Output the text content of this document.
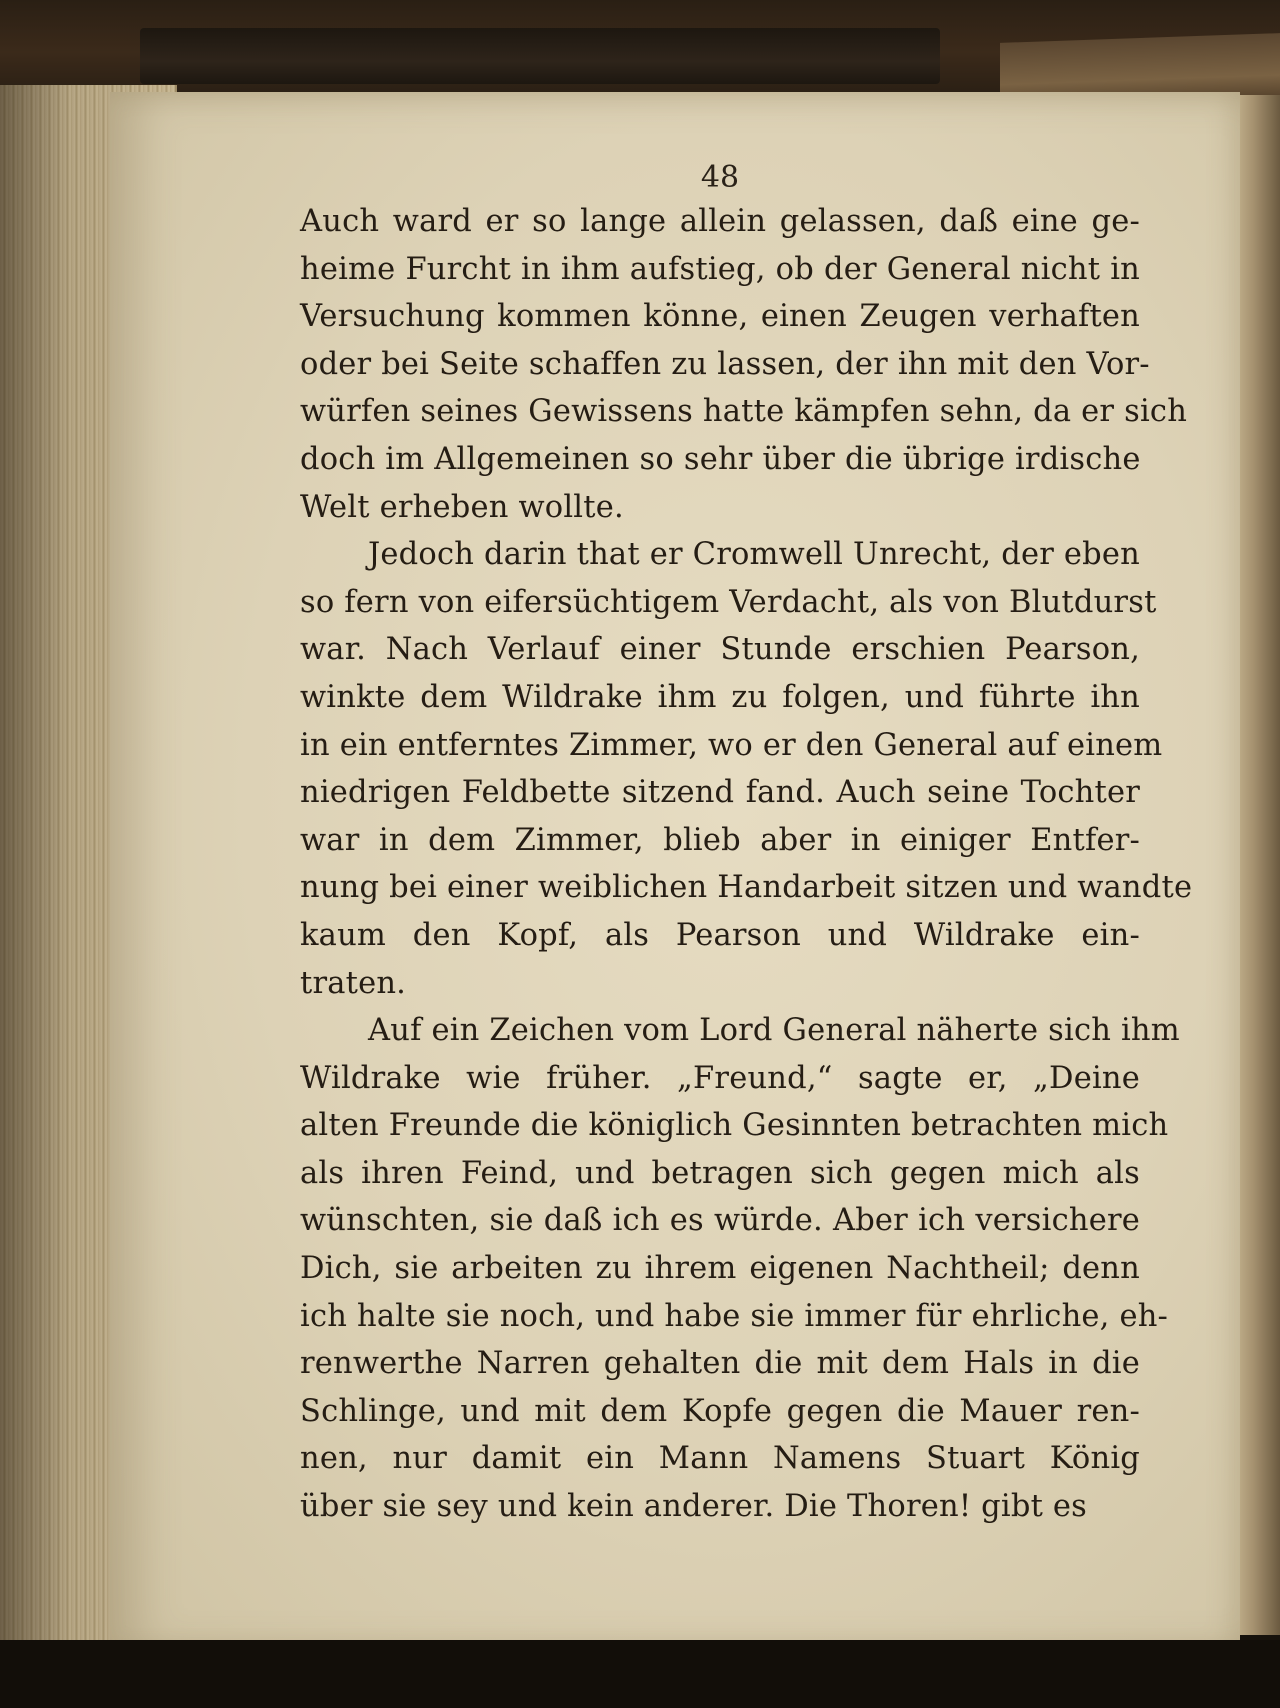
48
Auch ward er so lange allein gelassen, daß eine ge-
heime Furcht in ihm aufstieg, ob der General nicht in
Versuchung kommen könne, einen Zeugen verhaften
oder bei Seite schaffen zu lassen, der ihn mit den Vor-
würfen seines Gewissens hatte kämpfen sehn, da er sich
doch im Allgemeinen so sehr über die übrige irdische
Welt erheben wollte.
Jedoch darin that er Cromwell Unrecht, der eben
so fern von eifersüchtigem Verdacht, als von Blutdurst
war. Nach Verlauf einer Stunde erschien Pearson,
winkte dem Wildrake ihm zu folgen, und führte ihn
in ein entferntes Zimmer, wo er den General auf einem
niedrigen Feldbette sitzend fand. Auch seine Tochter
war in dem Zimmer, blieb aber in einiger Entfer-
nung bei einer weiblichen Handarbeit sitzen und wandte
kaum den Kopf, als Pearson und Wildrake ein-
traten.
Auf ein Zeichen vom Lord General näherte sich ihm
Wildrake wie früher. „Freund,“ sagte er, „Deine
alten Freunde die königlich Gesinnten betrachten mich
als ihren Feind, und betragen sich gegen mich als
wünschten, sie daß ich es würde. Aber ich versichere
Dich, sie arbeiten zu ihrem eigenen Nachtheil; denn
ich halte sie noch, und habe sie immer für ehrliche, eh-
renwerthe Narren gehalten die mit dem Hals in die
Schlinge, und mit dem Kopfe gegen die Mauer ren-
nen, nur damit ein Mann Namens Stuart König
über sie sey und kein anderer. Die Thoren! gibt es
